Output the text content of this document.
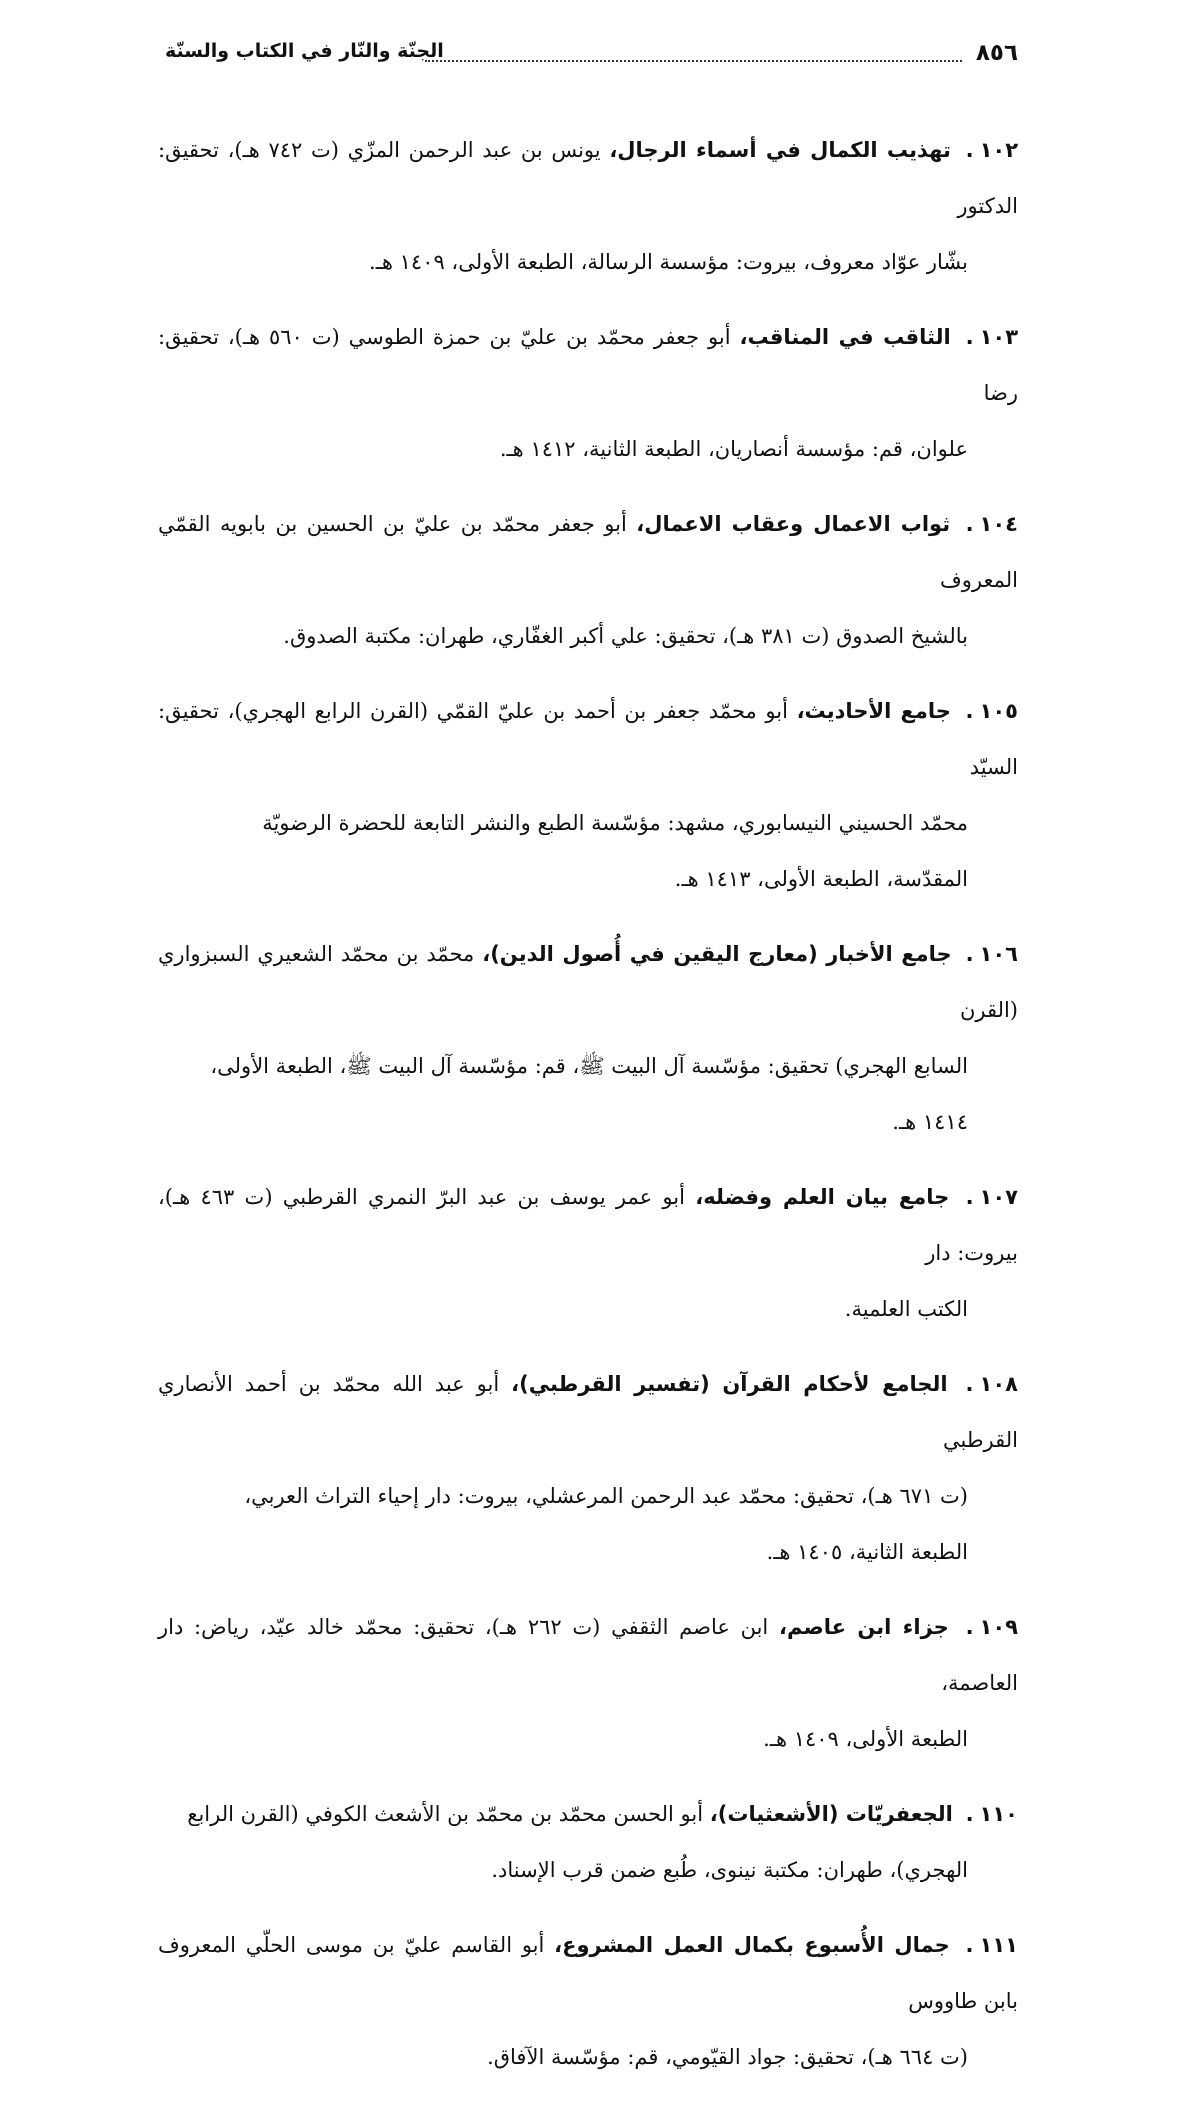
٨٥٦
الجنّة والنّار في الكتاب والسنّة

١٠٢. تهذيب الكمال في أسماء الرجال، يونس بن عبد الرحمن المزّي (ت ٧٤٢ هـ)، تحقيق: الدكتور
بشّار عوّاد معروف، بيروت: مؤسسة الرسالة، الطبعة الأولى، ١٤٠٩ هـ.

١٠٣. الثاقب في المناقب، أبو جعفر محمّد بن عليّ بن حمزة الطوسي (ت ٥٦٠ هـ)، تحقيق: رضا
علوان، قم: مؤسسة أنصاريان، الطبعة الثانية، ١٤١٢ هـ.

١٠٤. ثواب الاعمال وعقاب الاعمال، أبو جعفر محمّد بن عليّ بن الحسين بن بابويه القمّي المعروف
بالشيخ الصدوق (ت ٣٨١ هـ)، تحقيق: علي أكبر الغفّاري، طهران: مكتبة الصدوق.

١٠٥. جامع الأحاديث، أبو محمّد جعفر بن أحمد بن عليّ القمّي (القرن الرابع الهجري)، تحقيق: السيّد
محمّد الحسيني النيسابوري، مشهد: مؤسّسة الطبع والنشر التابعة للحضرة الرضويّة
المقدّسة، الطبعة الأولى، ١٤١٣ هـ.

١٠٦. جامع الأخبار (معارج اليقين في أُصول الدين)، محمّد بن محمّد الشعيري السبزواري (القرن
السابع الهجري) تحقيق: مؤسّسة آل البيت ﷺ، قم: مؤسّسة آل البيت ﷺ، الطبعة الأولى،
١٤١٤ هـ.

١٠٧. جامع بيان العلم وفضله، أبو عمر يوسف بن عبد البرّ النمري القرطبي (ت ٤٦٣ هـ)، بيروت: دار
الكتب العلمية.

١٠٨. الجامع لأحكام القرآن (تفسير القرطبي)، أبو عبد الله محمّد بن أحمد الأنصاري القرطبي
(ت ٦٧١ هـ)، تحقيق: محمّد عبد الرحمن المرعشلي، بيروت: دار إحياء التراث العربي،
الطبعة الثانية، ١٤٠٥ هـ.

١٠٩. جزاء ابن عاصم، ابن عاصم الثقفي (ت ٢٦٢ هـ)، تحقيق: محمّد خالد عيّد، رياض: دار العاصمة،
الطبعة الأولى، ١٤٠٩ هـ.

١١٠. الجعفريّات (الأشعثيات)، أبو الحسن محمّد بن محمّد بن الأشعث الكوفي (القرن الرابع
الهجري)، طهران: مكتبة نينوى، طُبع ضمن قرب الإسناد.

١١١. جمال الأُسبوع بكمال العمل المشروع، أبو القاسم عليّ بن موسى الحلّي المعروف بابن طاووس
(ت ٦٦٤ هـ)، تحقيق: جواد القيّومي، قم: مؤسّسة الآفاق.
